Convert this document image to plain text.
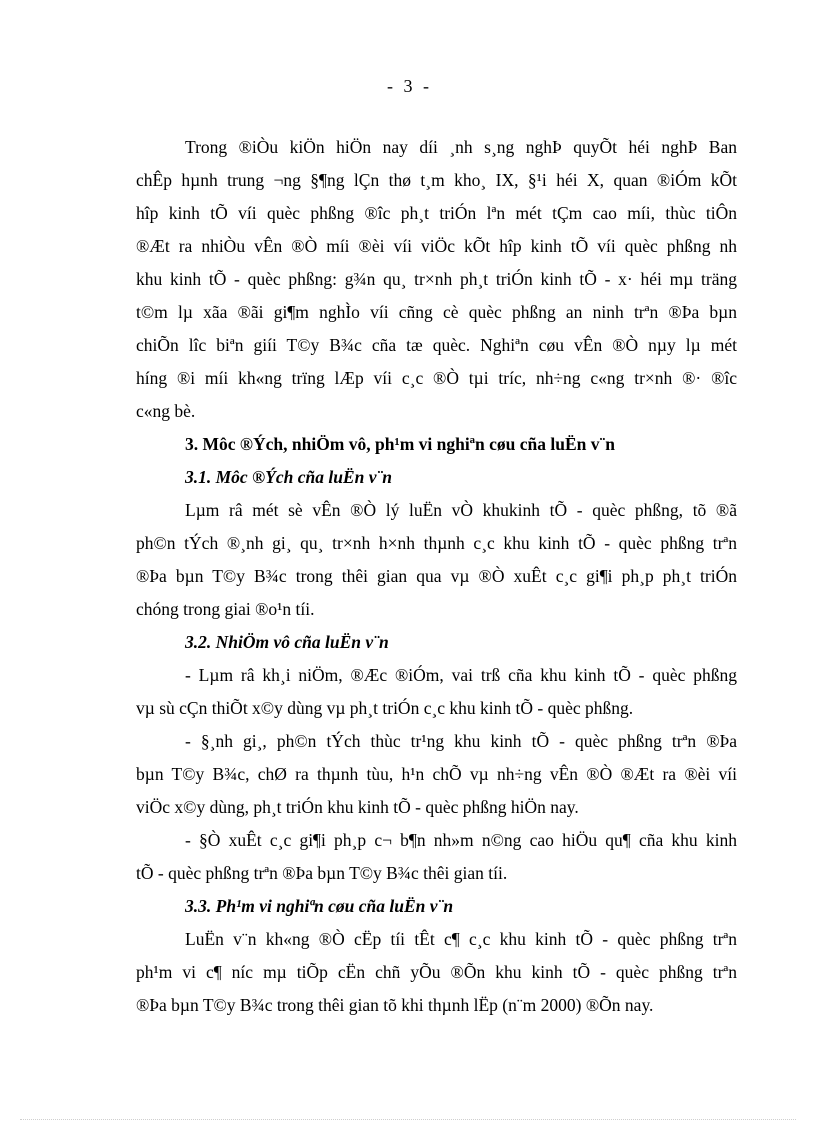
- 3 -
Trong ®iÒu kiÖn hiÖn nay díi ¸nh s¸ng nghÞ quyÕt héi nghÞ Ban
chÊp hµnh trung ¬ng §¶ng lÇn thø t¸m kho¸ IX, §¹i héi X, quan ®iÓm kÕt
hîp kinh tÕ víi quèc phßng ®îc ph¸t triÓn lªn mét tÇm cao míi, thùc tiÔn
®Æt ra nhiÒu vÊn ®Ò míi ®èi víi viÖc kÕt hîp kinh tÕ víi quèc phßng nh
khu kinh tÕ - quèc phßng: g¾n qu¸ tr×nh ph¸t triÓn kinh tÕ - x· héi mµ träng
t©m lµ xãa ®ãi gi¶m nghÌo víi cñng cè quèc phßng an ninh trªn ®Þa bµn
chiÕn lîc biªn giíi T©y B¾c cña tæ quèc. Nghiªn cøu vÊn ®Ò nµy lµ mét
híng ®i míi kh«ng trïng lÆp víi c¸c ®Ò tµi tríc, nh÷ng c«ng tr×nh ®· ®îc
c«ng bè.
3. Môc ®Ých, nhiÖm vô, ph¹m vi nghiªn cøu cña luËn v¨n
3.1. Môc ®Ých cña luËn v¨n
Lµm râ mét sè vÊn ®Ò lý luËn vÒ khukinh tÕ - quèc phßng, tõ ®ã
ph©n tÝch ®¸nh gi¸ qu¸ tr×nh h×nh thµnh c¸c khu kinh tÕ - quèc phßng trªn
®Þa bµn T©y B¾c trong thêi gian qua vµ ®Ò xuÊt c¸c gi¶i ph¸p ph¸t triÓn
chóng trong giai ®o¹n tíi.
3.2. NhiÖm vô cña luËn v¨n
- Lµm râ kh¸i niÖm, ®Æc ®iÓm, vai trß cña khu kinh tÕ - quèc phßng
vµ sù cÇn thiÕt x©y dùng vµ ph¸t triÓn c¸c khu kinh tÕ - quèc phßng.
- §¸nh gi¸, ph©n tÝch thùc tr¹ng khu kinh tÕ - quèc phßng trªn ®Þa
bµn T©y B¾c, chØ ra thµnh tùu, h¹n chÕ vµ nh÷ng vÊn ®Ò ®Æt ra ®èi víi
viÖc x©y dùng, ph¸t triÓn khu kinh tÕ - quèc phßng hiÖn nay.
- §Ò xuÊt c¸c gi¶i ph¸p c¬ b¶n nh»m n©ng cao hiÖu qu¶ cña khu kinh
tÕ - quèc phßng trªn ®Þa bµn T©y B¾c thêi gian tíi.
3.3. Ph¹m vi nghiªn cøu cña luËn v¨n
LuËn v¨n kh«ng ®Ò cËp tíi tÊt c¶ c¸c khu kinh tÕ - quèc phßng trªn
ph¹m vi c¶ níc mµ tiÕp cËn chñ yÕu ®Õn khu kinh tÕ - quèc phßng trªn
®Þa bµn T©y B¾c trong thêi gian tõ khi thµnh lËp (n¨m 2000) ®Õn nay.
